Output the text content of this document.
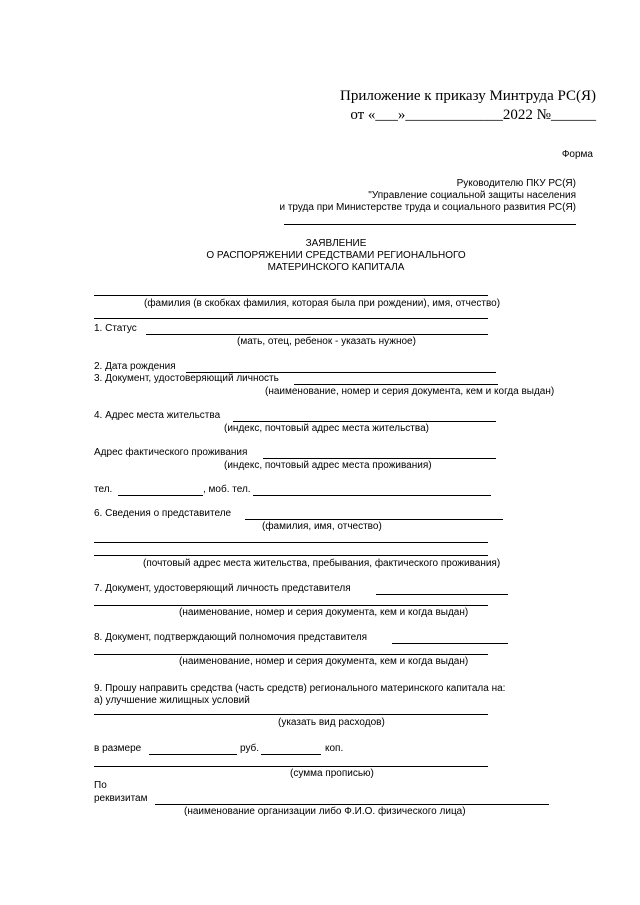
Приложение к приказу Минтруда РС(Я)
от «___»_____________2022 №______
Форма
Руководителю ПКУ РС(Я)
"Управление социальной защиты населения
и труда при Министерстве труда и социального развития РС(Я)
ЗАЯВЛЕНИЕ
О РАСПОРЯЖЕНИИ СРЕДСТВАМИ РЕГИОНАЛЬНОГО
МАТЕРИНСКОГО КАПИТАЛА
(фамилия (в скобках фамилия, которая была при рождении), имя, отчество)
1. Статус
(мать, отец, ребенок - указать нужное)
2. Дата рождения
3. Документ, удостоверяющий личность
(наименование, номер и серия документа, кем и когда выдан)
4. Адрес места жительства
(индекс, почтовый адрес места жительства)
Адрес фактического проживания
(индекс, почтовый адрес места проживания)
тел.	, моб. тел.
6. Сведения о представителе
(фамилия, имя, отчество)
(почтовый адрес места жительства, пребывания, фактического проживания)
7. Документ, удостоверяющий личность представителя
(наименование, номер и серия документа, кем и когда выдан)
8. Документ, подтверждающий полномочия представителя
(наименование, номер и серия документа, кем и когда выдан)
9. Прошу направить средства (часть средств) регионального материнского капитала на:
а) улучшение жилищных условий
(указать вид расходов)
в размере	руб.	коп.
(сумма прописью)
По
реквизитам
(наименование организации либо Ф.И.О. физического лица)
